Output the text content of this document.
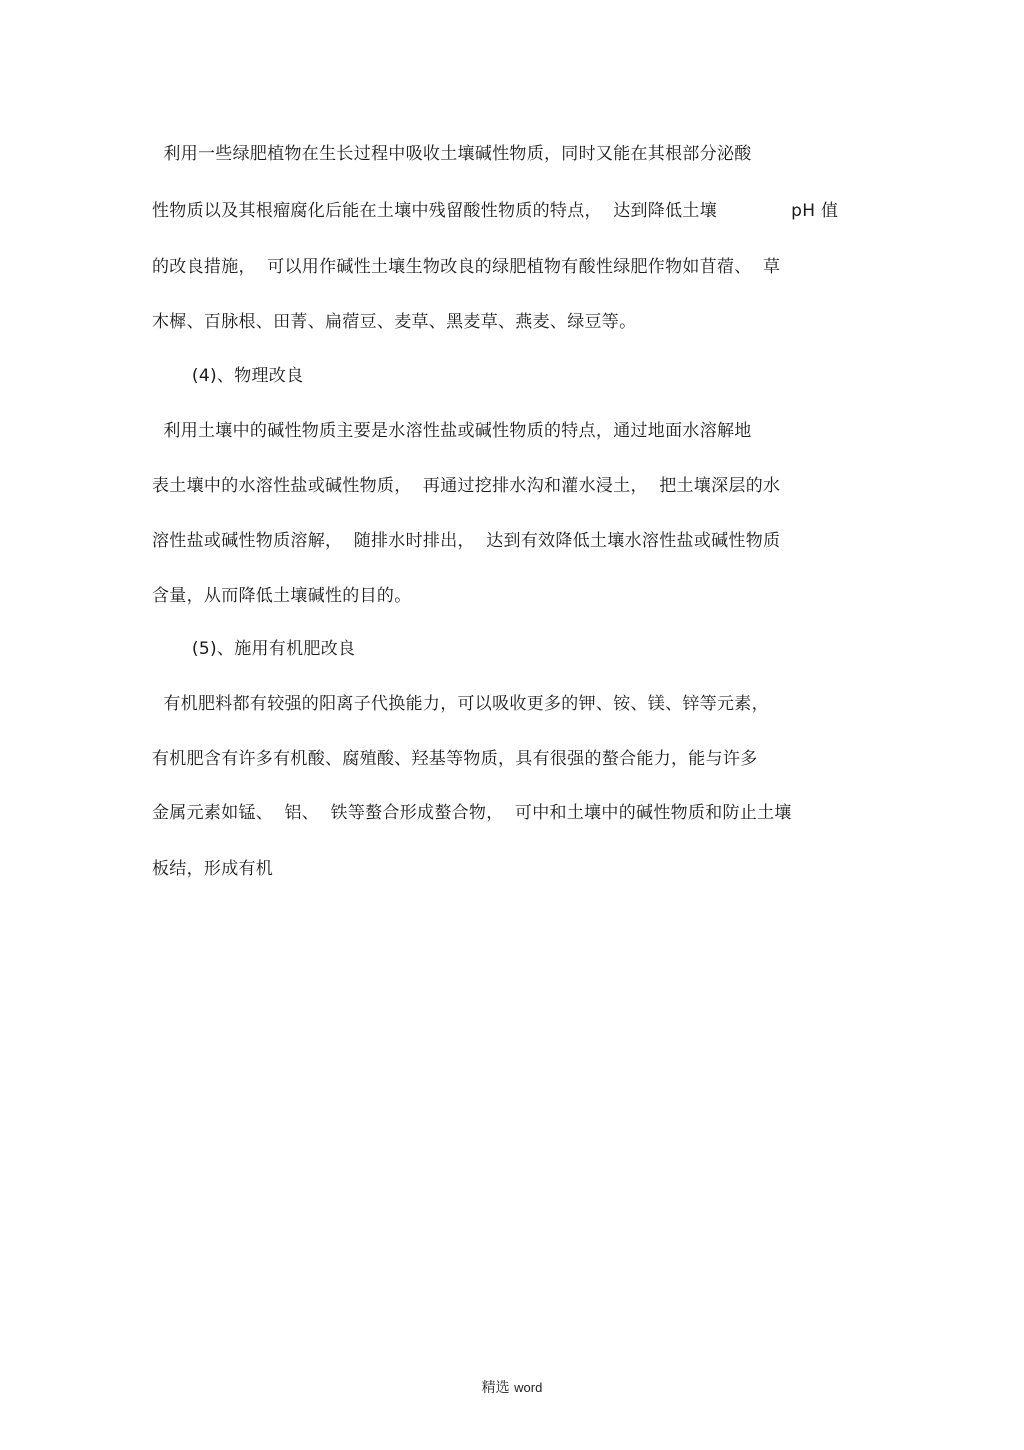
利用一些绿肥植物在生长过程中吸收土壤碱性物质，同时又能在其根部分泌酸
性物质以及其根瘤腐化后能在土壤中残留酸性物质的特点，  达到降低土壤             pH 值
的改良措施，  可以用作碱性土壤生物改良的绿肥植物有酸性绿肥作物如苜蓿、  草
木樨、百脉根、田菁、扁蓿豆、麦草、黑麦草、燕麦、绿豆等。
(4)、物理改良
利用土壤中的碱性物质主要是水溶性盐或碱性物质的特点，通过地面水溶解地
表土壤中的水溶性盐或碱性物质，  再通过挖排水沟和灌水浸土，  把土壤深层的水
溶性盐或碱性物质溶解，  随排水时排出，  达到有效降低土壤水溶性盐或碱性物质
含量，从而降低土壤碱性的目的。
(5)、施用有机肥改良
有机肥料都有较强的阳离子代换能力，可以吸收更多的钾、铵、镁、锌等元素，
有机肥含有许多有机酸、腐殖酸、羟基等物质，具有很强的螯合能力，能与许多
金属元素如锰、  铝、  铁等螯合形成螯合物，  可中和土壤中的碱性物质和防止土壤
板结，形成有机
精选 word
